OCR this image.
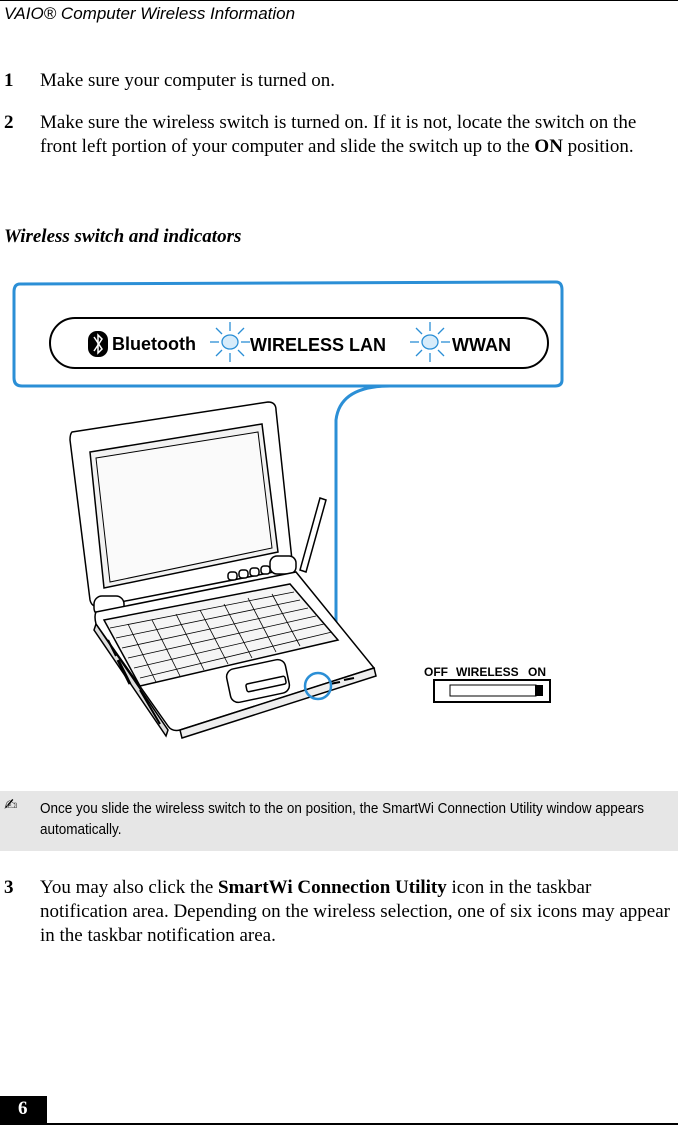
VAIO® Computer Wireless Information
1 Make sure your computer is turned on.
2 Make sure the wireless switch is turned on. If it is not, locate the switch on the front left portion of your computer and slide the switch up to the ON position.
Wireless switch and indicators
Bluetooth	WIRELESS LAN	WWAN
OFF WIRELESS ON
✍ Once you slide the wireless switch to the on position, the SmartWi Connection Utility window appears automatically.
3 You may also click the SmartWi Connection Utility icon in the taskbar notification area. Depending on the wireless selection, one of six icons may appear in the taskbar notification area.
6
